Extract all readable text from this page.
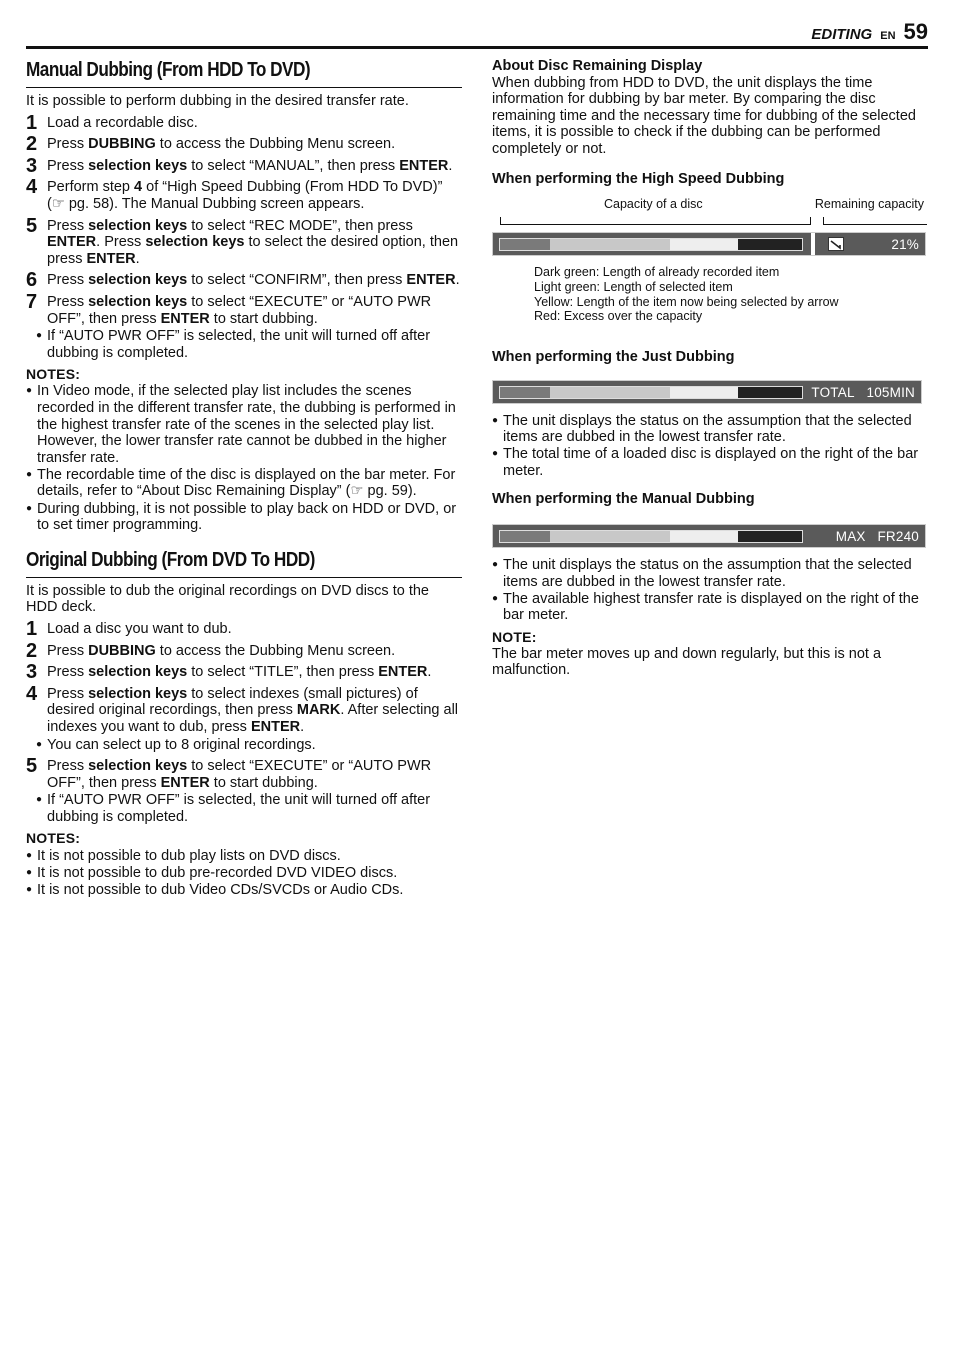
EDITING EN 59
Manual Dubbing (From HDD To DVD)

It is possible to perform dubbing in the desired transfer rate.

1 Load a recordable disc.
2 Press DUBBING to access the Dubbing Menu screen.
3 Press selection keys to select “MANUAL”, then press ENTER.
4 Perform step 4 of “High Speed Dubbing (From HDD To DVD)” (☞ pg. 58). The Manual Dubbing screen appears.
5 Press selection keys to select “REC MODE”, then press ENTER. Press selection keys to select the desired option, then press ENTER.
6 Press selection keys to select “CONFIRM”, then press ENTER.
7 Press selection keys to select “EXECUTE” or “AUTO PWR OFF”, then press ENTER to start dubbing.
● If “AUTO PWR OFF” is selected, the unit will turned off after dubbing is completed.
NOTES:
● In Video mode, if the selected play list includes the scenes recorded in the different transfer rate, the dubbing is performed in the highest transfer rate of the scenes in the selected play list. However, the lower transfer rate cannot be dubbed in the higher transfer rate.
● The recordable time of the disc is displayed on the bar meter. For details, refer to “About Disc Remaining Display” (☞ pg. 59).
● During dubbing, it is not possible to play back on HDD or DVD, or to set timer programming.
Original Dubbing (From DVD To HDD)

It is possible to dub the original recordings on DVD discs to the HDD deck.

1 Load a disc you want to dub.
2 Press DUBBING to access the Dubbing Menu screen.
3 Press selection keys to select “TITLE”, then press ENTER.
4 Press selection keys to select indexes (small pictures) of desired original recordings, then press MARK. After selecting all indexes you want to dub, press ENTER.
● You can select up to 8 original recordings.
5 Press selection keys to select “EXECUTE” or “AUTO PWR OFF”, then press ENTER to start dubbing.
● If “AUTO PWR OFF” is selected, the unit will turned off after dubbing is completed.
NOTES:
● It is not possible to dub play lists on DVD discs.
● It is not possible to dub pre-recorded DVD VIDEO discs.
● It is not possible to dub Video CDs/SVCDs or Audio CDs.
About Disc Remaining Display

When dubbing from HDD to DVD, the unit displays the time information for dubbing by bar meter. By comparing the disc remaining time and the necessary time for dubbing of the selected items, it is possible to check if the dubbing can be performed completely or not.

When performing the High Speed Dubbing
Capacity of a disc	Remaining capacity
21%
Dark green: Length of already recorded item
Light green: Length of selected item
Yellow: Length of the item now being selected by arrow
Red: Excess over the capacity
When performing the Just Dubbing
TOTAL 105MIN
● The unit displays the status on the assumption that the selected items are dubbed in the lowest transfer rate.
● The total time of a loaded disc is displayed on the right of the bar meter.
When performing the Manual Dubbing
MAX FR240
● The unit displays the status on the assumption that the selected items are dubbed in the lowest transfer rate.
● The available highest transfer rate is displayed on the right of the bar meter.
NOTE:

The bar meter moves up and down regularly, but this is not a malfunction.
